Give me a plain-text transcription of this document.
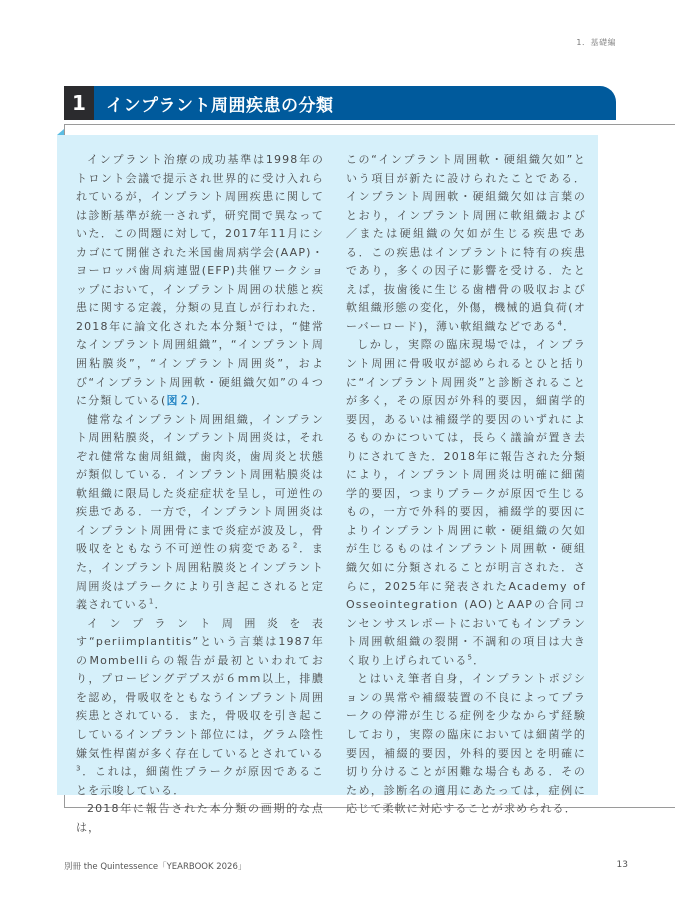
1．基礎編
1	インプラント周囲疾患の分類

インプラント治療の成功基準は1998年のトロント会議で提示され世界的に受け入れられているが，インプラント周囲疾患に関しては診断基準が統一されず，研究間で異なっていた．この問題に対して，2017年11月にシカゴにて開催された米国歯周病学会(AAP)・ヨーロッパ歯周病連盟(EFP)共催ワークショップにおいて，インプラント周囲の状態と疾患に関する定義，分類の見直しが行われた．2018年に論文化された本分類$^1$では，“健常なインプラント周囲組織”，“インプラント周囲粘膜炎”，“インプラント周囲炎”，および“インプラント周囲軟・硬組織欠如”の４つに分類している(図２)．

健常なインプラント周囲組織，インプラント周囲粘膜炎，インプラント周囲炎は，それぞれ健常な歯周組織，歯肉炎，歯周炎と状態が類似している．インプラント周囲粘膜炎は軟組織に限局した炎症症状を呈し，可逆性の疾患である．一方で，インプラント周囲炎はインプラント周囲骨にまで炎症が波及し，骨吸収をともなう不可逆性の病変である$^2$．また，インプラント周囲粘膜炎とインプラント周囲炎はプラークにより引き起こされると定義されている$^1$．

インプラント周囲炎を表す“periimplantitis”という言葉は1987年のMombelliらの報告が最初といわれており，プロービングデプスが６mm以上，排膿を認め，骨吸収をともなうインプラント周囲疾患とされている．また，骨吸収を引き起こしているインプラント部位には，グラム陰性嫌気性桿菌が多く存在しているとされている$^3$．これは，細菌性プラークが原因であることを示唆している．

2018年に報告された本分類の画期的な点は，

この“インプラント周囲軟・硬組織欠如”という項目が新たに設けられたことである．インプラント周囲軟・硬組織欠如は言葉のとおり，インプラント周囲に軟組織および／または硬組織の欠如が生じる疾患である．この疾患はインプラントに特有の疾患であり，多くの因子に影響を受ける．たとえば，抜歯後に生じる歯槽骨の吸収および軟組織形態の変化，外傷，機械的過負荷(オーバーロード)，薄い軟組織などである$^4$．

しかし，実際の臨床現場では，インプラント周囲に骨吸収が認められるとひと括りに“インプラント周囲炎”と診断されることが多く，その原因が外科的要因，細菌学的要因，あるいは補綴学的要因のいずれによるものかについては，長らく議論が置き去りにされてきた．2018年に報告された分類により，インプラント周囲炎は明確に細菌学的要因，つまりプラークが原因で生じるもの，一方で外科的要因，補綴学的要因によりインプラント周囲に軟・硬組織の欠如が生じるものはインプラント周囲軟・硬組織欠如に分類されることが明言された．さらに，2025年に発表されたAcademy of Osseointegration (AO)とAAPの合同コンセンサスレポートにおいてもインプラント周囲軟組織の裂開・不調和の項目は大きく取り上げられている$^5$．

とはいえ筆者自身，インプラントポジションの異常や補綴装置の不良によってプラークの停滞が生じる症例を少なからず経験しており，実際の臨床においては細菌学的要因，補綴的要因，外科的要因とを明確に切り分けることが困難な場合もある．そのため，診断名の適用にあたっては，症例に応じて柔軟に対応することが求められる．

別冊 the Quintessence「YEARBOOK 2026」	13
